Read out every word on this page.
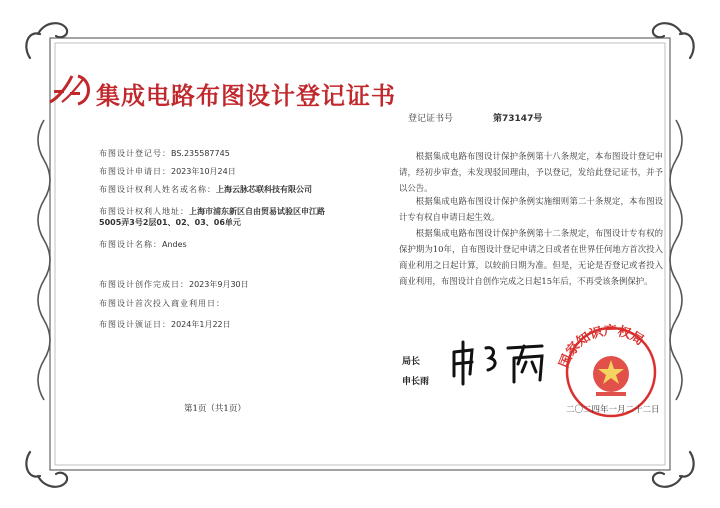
集成电路布图设计登记证书
登记证书号	第73147号
布图设计登记号：BS.235587745
布图设计申请日：2023年10月24日
布图设计权利人姓名或名称：上海云脉芯联科技有限公司
布图设计权利人地址：上海市浦东新区自由贸易试验区申江路5005弄3号2层01、02、03、06单元
布图设计名称：Andes
布图设计创作完成日：2023年9月30日
布图设计首次投入商业利用日：
布图设计颁证日：2024年1月22日
根据集成电路布图设计保护条例第十八条规定，本布图设计登记申请，经初步审查，未发现驳回理由，予以登记，发给此登记证书，并予以公告。
根据集成电路布图设计保护条例实施细则第二十条规定，本布图设计专有权自申请日起生效。
根据集成电路布图设计保护条例第十二条规定，布图设计专有权的保护期为10年，自布图设计登记申请之日或者在世界任何地方首次投入商业利用之日起计算，以较前日期为准。但是，无论是否登记或者投入商业利用，布图设计自创作完成之日起15年后，不再受该条例保护。
第1页（共1页）
局长
申长雨
国家知识产权局
二〇二四年一月二十二日
